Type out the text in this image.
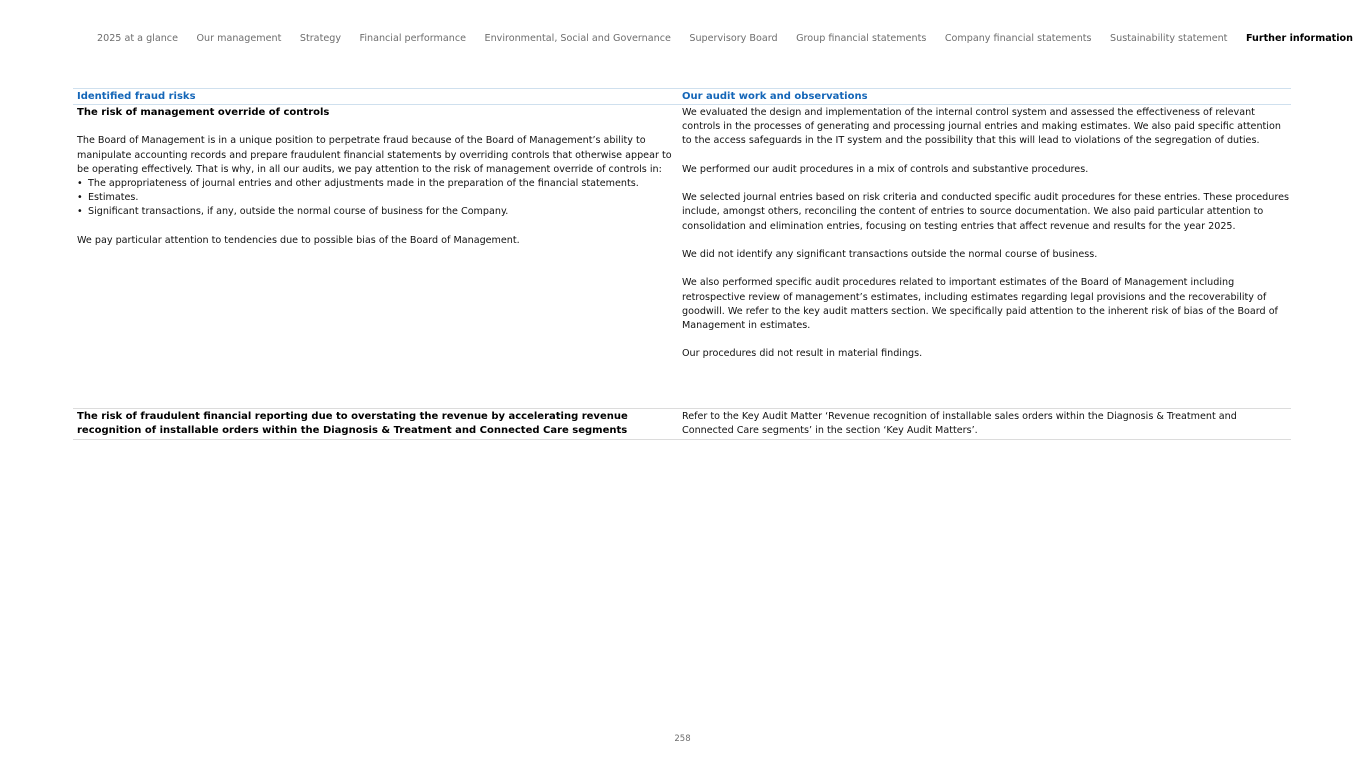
2025 at a glance Our management Strategy Financial performance Environmental, Social and Governance Supervisory Board Group financial statements Company financial statements Sustainability statement Further information
Identified fraud risks	Our audit work and observations
The risk of management override of controls

The Board of Management is in a unique position to perpetrate fraud because of the Board of Management’s ability to manipulate accounting records and prepare fraudulent financial statements by overriding controls that otherwise appear to be operating effectively. That is why, in all our audits, we pay attention to the risk of management override of controls in:

• The appropriateness of journal entries and other adjustments made in the preparation of the financial statements.
• Estimates.
• Significant transactions, if any, outside the normal course of business for the Company.

We pay particular attention to tendencies due to possible bias of the Board of Management.

We evaluated the design and implementation of the internal control system and assessed the effectiveness of relevant controls in the processes of generating and processing journal entries and making estimates. We also paid specific attention to the access safeguards in the IT system and the possibility that this will lead to violations of the segregation of duties.

We performed our audit procedures in a mix of controls and substantive procedures.

We selected journal entries based on risk criteria and conducted specific audit procedures for these entries. These procedures include, amongst others, reconciling the content of entries to source documentation. We also paid particular attention to consolidation and elimination entries, focusing on testing entries that affect revenue and results for the year 2025.

We did not identify any significant transactions outside the normal course of business.

We also performed specific audit procedures related to important estimates of the Board of Management including retrospective review of management’s estimates, including estimates regarding legal provisions and the recoverability of goodwill. We refer to the key audit matters section. We specifically paid attention to the inherent risk of bias of the Board of Management in estimates.

Our procedures did not result in material findings.

The risk of fraudulent financial reporting due to overstating the revenue by accelerating revenue recognition of installable orders within the Diagnosis & Treatment and Connected Care segments

Refer to the Key Audit Matter ‘Revenue recognition of installable sales orders within the Diagnosis & Treatment and Connected Care segments’ in the section ‘Key Audit Matters’.

258
